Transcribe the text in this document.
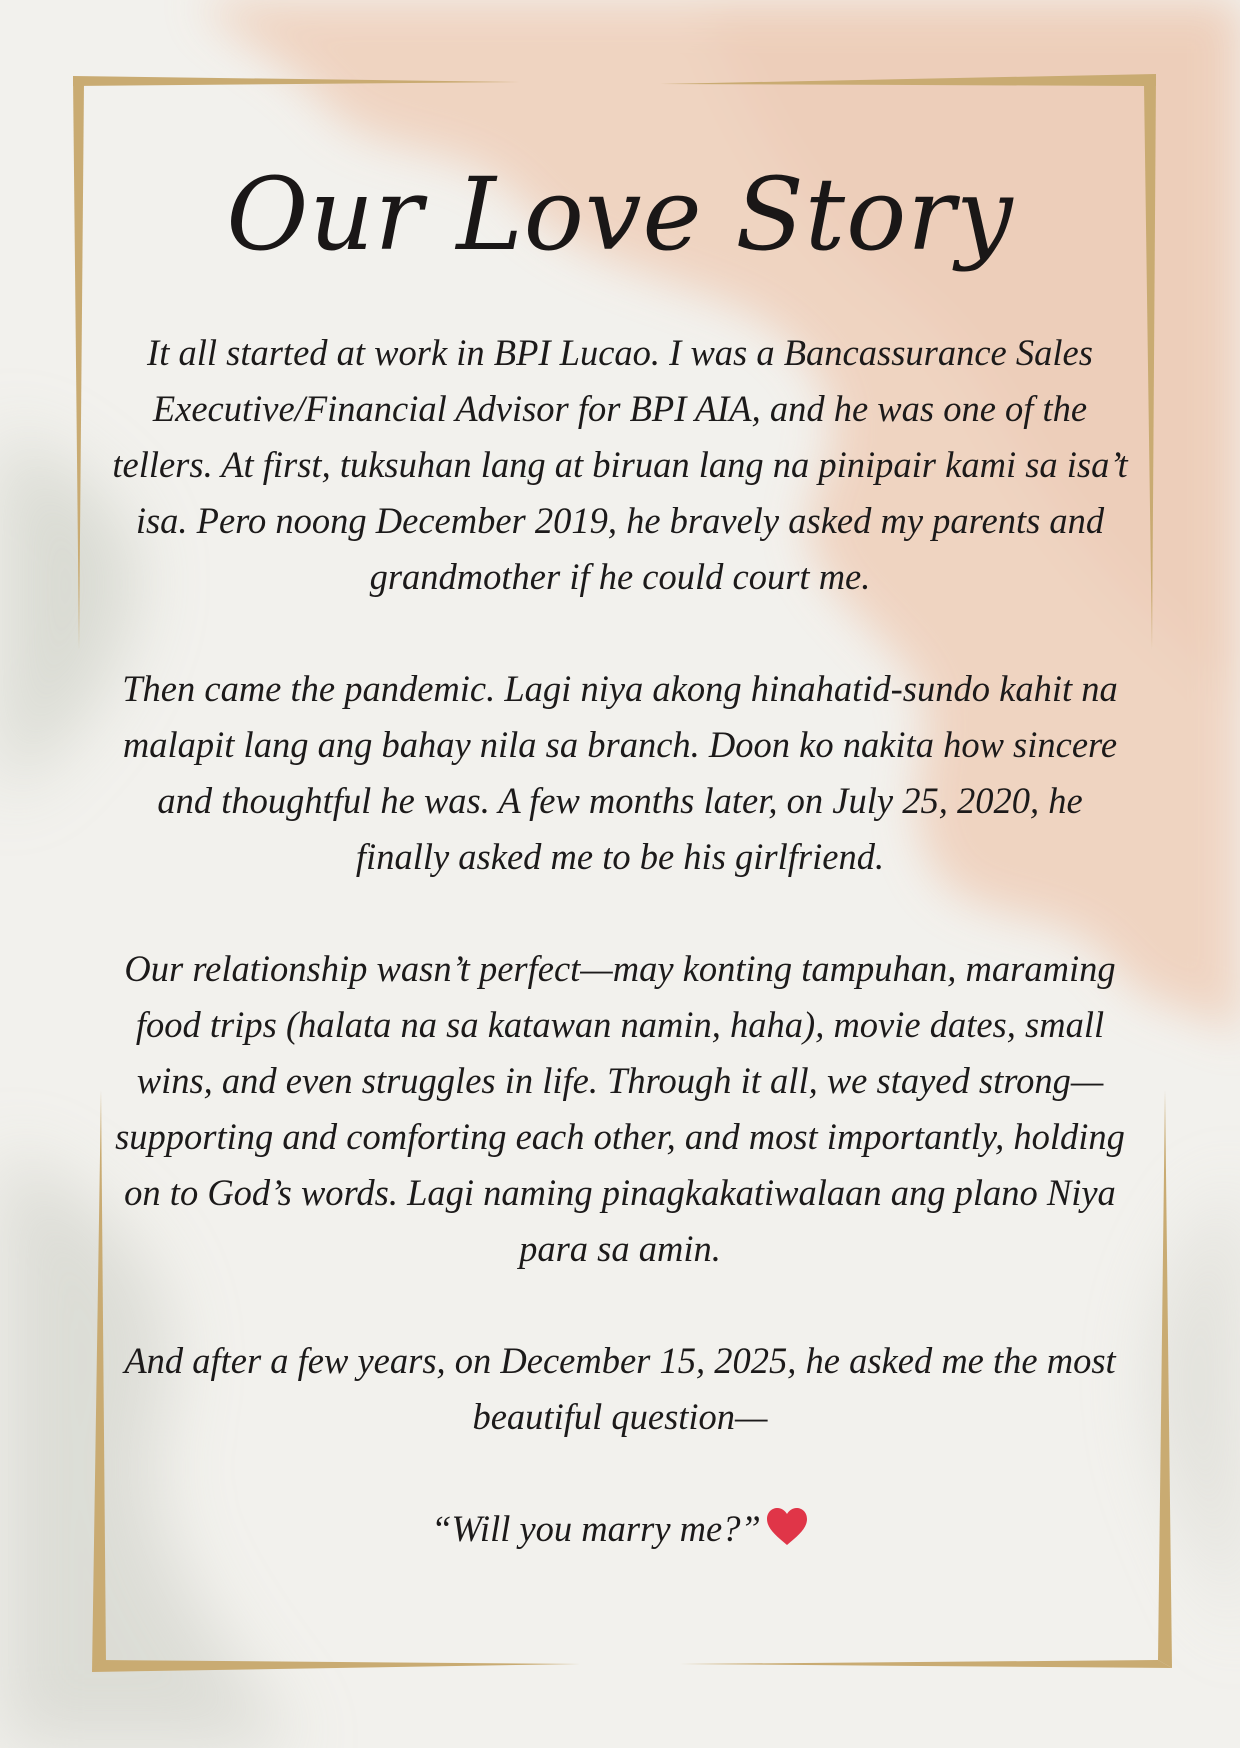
Our Love Story

It all started at work in BPI Lucao. I was a Bancassurance Sales Executive/Financial Advisor for BPI AIA, and he was one of the tellers. At first, tuksuhan lang at biruan lang na pinipair kami sa isa’t isa. Pero noong December 2019, he bravely asked my parents and grandmother if he could court me.

Then came the pandemic. Lagi niya akong hinahatid-sundo kahit na malapit lang ang bahay nila sa branch. Doon ko nakita how sincere and thoughtful he was. A few months later, on July 25, 2020, he finally asked me to be his girlfriend.

Our relationship wasn’t perfect—may konting tampuhan, maraming food trips (halata na sa katawan namin, haha), movie dates, small wins, and even struggles in life. Through it all, we stayed strong—supporting and comforting each other, and most importantly, holding on to God’s words. Lagi naming pinagkakatiwalaan ang plano Niya para sa amin.

And after a few years, on December 15, 2025, he asked me the most beautiful question—

“Will you marry me?”
